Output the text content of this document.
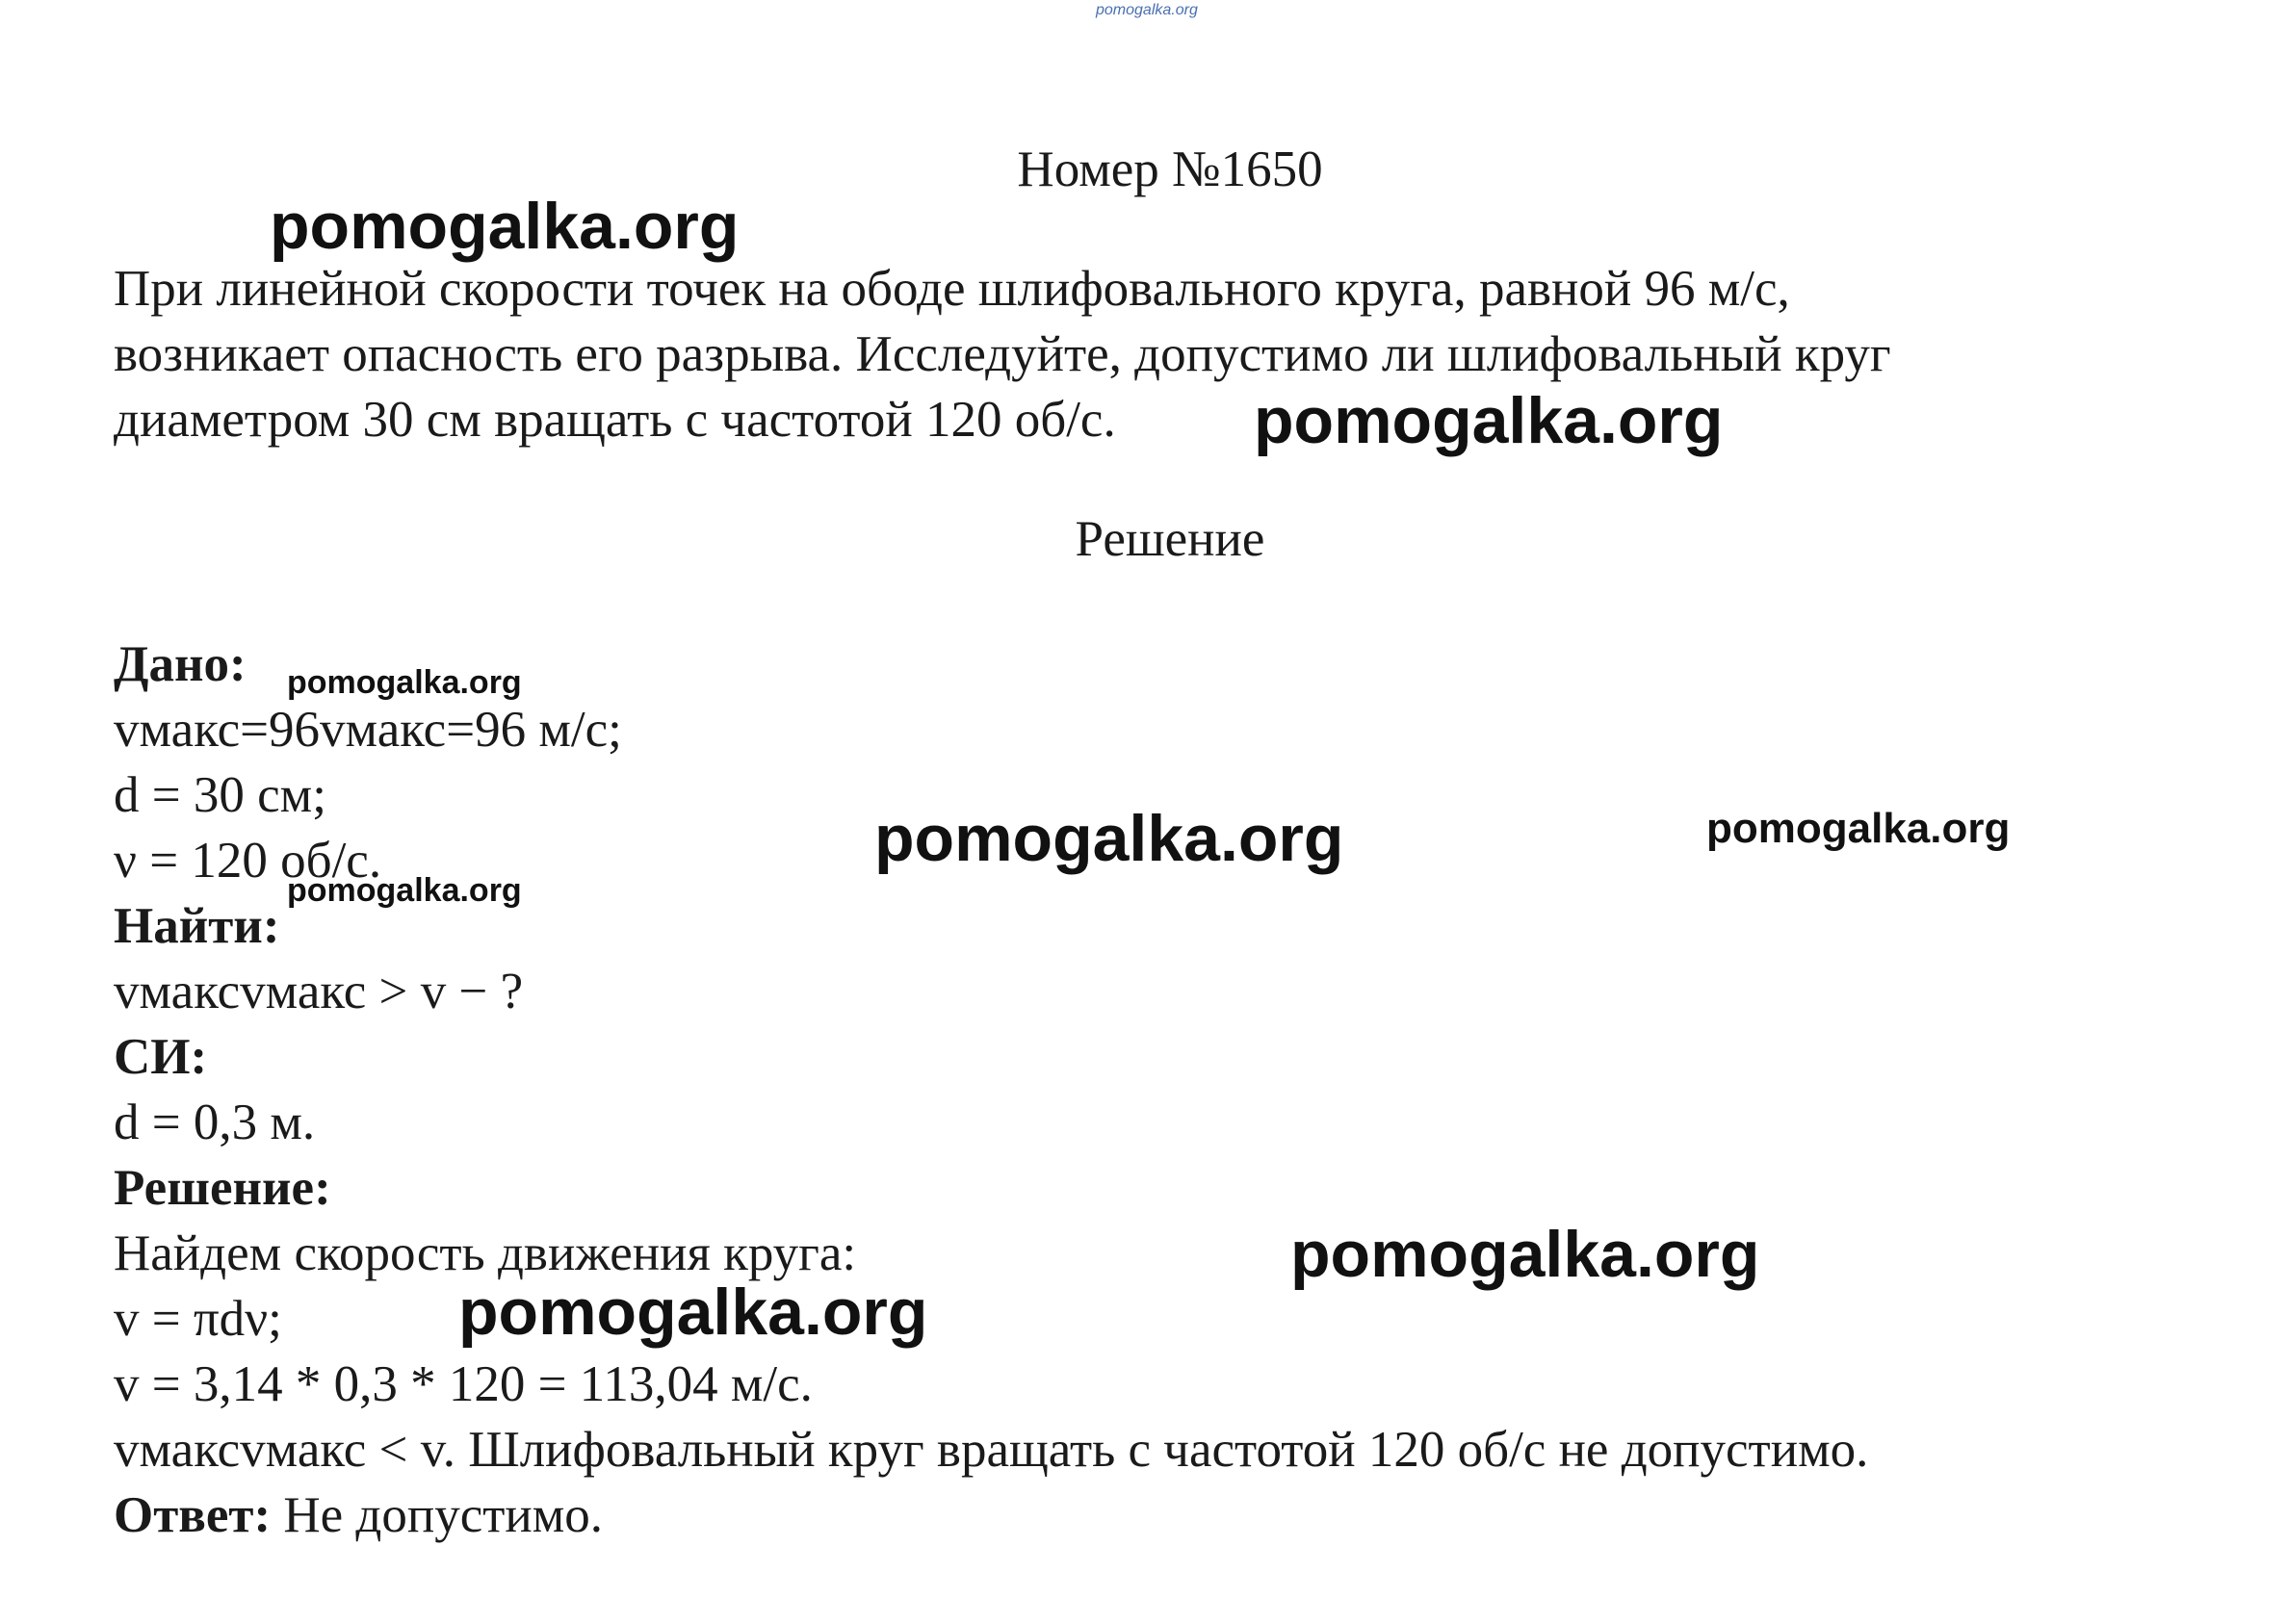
pomogalka.org
Номер №1650
При линейной скорости точек на ободе шлифовального круга, равной 96 м/с,
возникает опасность его разрыва. Исследуйте, допустимо ли шлифовальный круг
диаметром 30 см вращать с частотой 120 об/с.
Решение
Дано:
vмакс=96vмакс=96 м/с;
d = 30 см;
ν = 120 об/с.
Найти:
vмаксvмакс > v − ?
СИ:
d = 0,3 м.
Решение:
Найдем скорость движения круга:
v = πdν;
v = 3,14 * 0,3 * 120 = 113,04 м/с.
vмаксvмакс < v. Шлифовальный круг вращать с частотой 120 об/с не допустимо.
Ответ: Не допустимо.
pomogalka.org
pomogalka.org
pomogalka.org
pomogalka.org	pomogalka.org
pomogalka.org
pomogalka.org
pomogalka.org
